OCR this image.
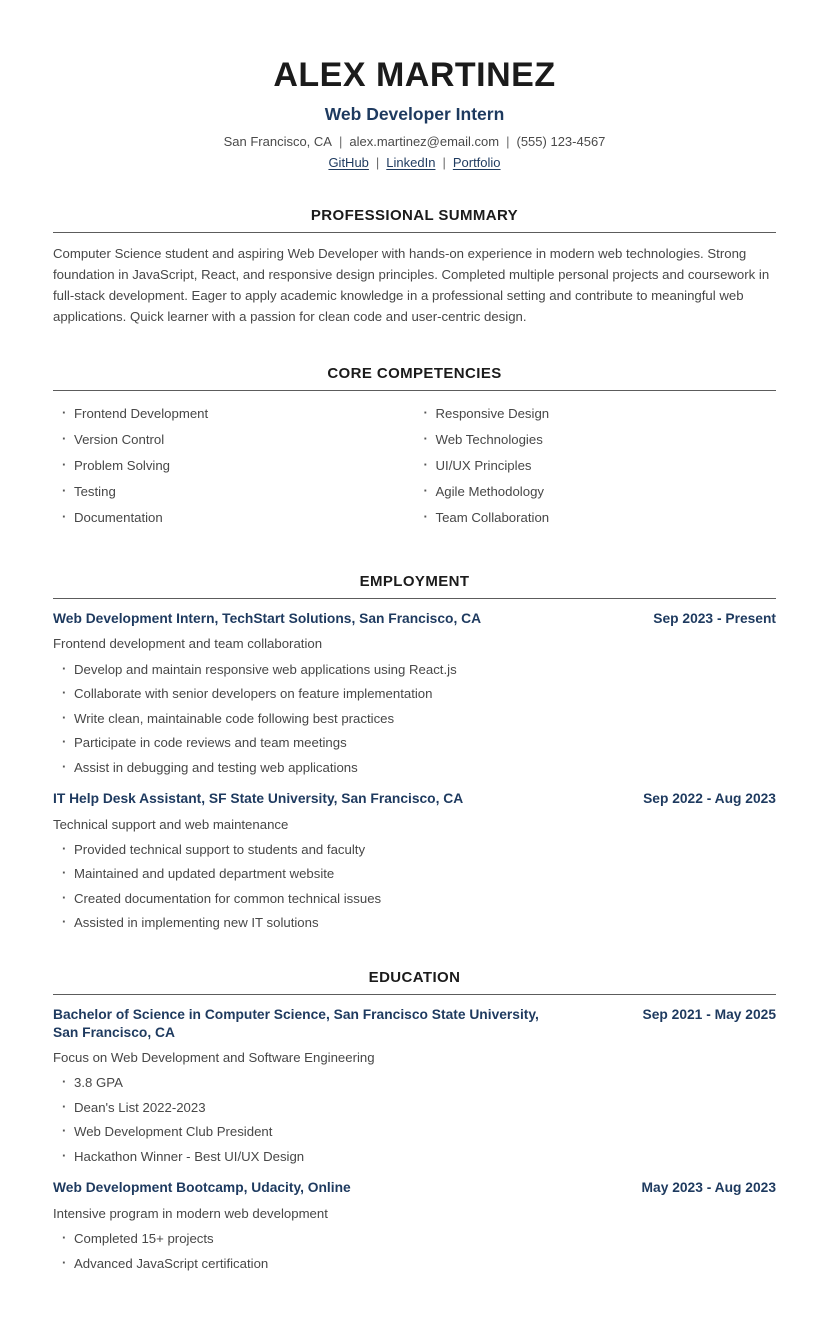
ALEX MARTINEZ
Web Developer Intern
San Francisco, CA | alex.martinez@email.com | (555) 123-4567
GitHub | LinkedIn | Portfolio
PROFESSIONAL SUMMARY

Computer Science student and aspiring Web Developer with hands-on experience in modern web technologies. Strong foundation in JavaScript, React, and responsive design principles. Completed multiple personal projects and coursework in full-stack development. Eager to apply academic knowledge in a professional setting and contribute to meaningful web applications. Quick learner with a passion for clean code and user-centric design.

CORE COMPETENCIES
· Frontend Development
· Version Control
· Problem Solving
· Testing
· Documentation
· Responsive Design
· Web Technologies
· UI/UX Principles
· Agile Methodology
· Team Collaboration
EMPLOYMENT
Web Development Intern, TechStart Solutions, San Francisco, CA	Sep 2023 - Present

Frontend development and team collaboration

· Develop and maintain responsive web applications using React.js
· Collaborate with senior developers on feature implementation
· Write clean, maintainable code following best practices
· Participate in code reviews and team meetings
· Assist in debugging and testing web applications
IT Help Desk Assistant, SF State University, San Francisco, CA	Sep 2022 - Aug 2023

Technical support and web maintenance

· Provided technical support to students and faculty
· Maintained and updated department website
· Created documentation for common technical issues
· Assisted in implementing new IT solutions
EDUCATION
Bachelor of Science in Computer Science, San Francisco State University, San Francisco, CA
Sep 2021 - May 2025

Focus on Web Development and Software Engineering

· 3.8 GPA
· Dean's List 2022-2023
· Web Development Club President
· Hackathon Winner - Best UI/UX Design
Web Development Bootcamp, Udacity, Online	May 2023 - Aug 2023

Intensive program in modern web development

· Completed 15+ projects
· Advanced JavaScript certification
